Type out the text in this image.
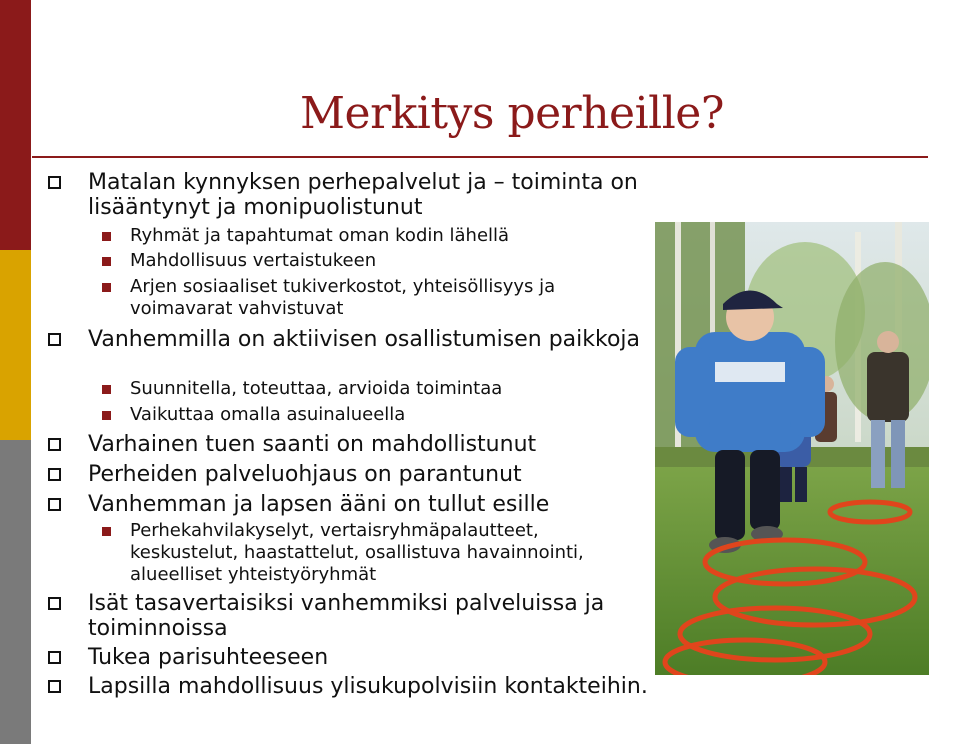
Merkitys perheille?

Matalan kynnyksen perhepalvelut ja – toiminta on lisääntynyt ja monipuolistunut

Ryhmät ja tapahtumat oman kodin lähellä

Mahdollisuus vertaistukeen

Arjen sosiaaliset tukiverkostot, yhteisöllisyys ja voimavarat vahvistuvat

Vanhemmilla on aktiivisen osallistumisen paikkoja

Suunnitella, toteuttaa, arvioida toimintaa

Vaikuttaa omalla asuinalueella

Varhainen tuen saanti on mahdollistunut

Perheiden palveluohjaus on parantunut

Vanhemman ja lapsen ääni on tullut esille

Perhekahvilakyselyt, vertaisryhmäpalautteet, keskustelut, haastattelut, osallistuva havainnointi, alueelliset yhteistyöryhmät

Isät tasavertaisiksi vanhemmiksi palveluissa ja toiminnoissa

Tukea parisuhteeseen

Lapsilla mahdollisuus ylisukupolvisiin kontakteihin.
